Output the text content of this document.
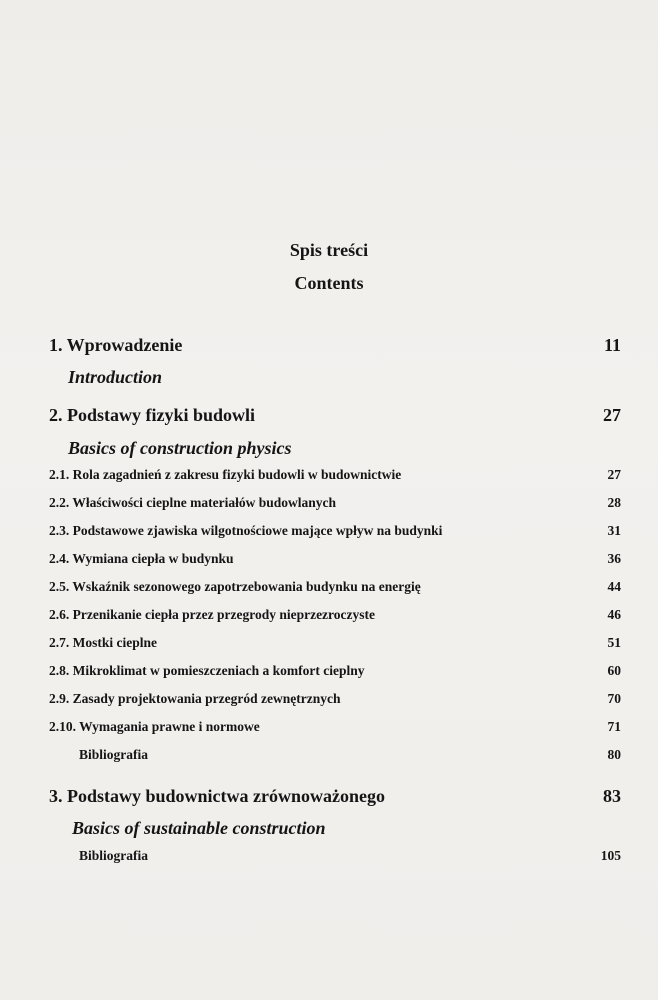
Spis treści
Contents
1. Wprowadzenie	11
Introduction
2. Podstawy fizyki budowli	27
Basics of construction physics
2.1. Rola zagadnień z zakresu fizyki budowli w budownictwie	27
2.2. Właściwości cieplne materiałów budowlanych	28
2.3. Podstawowe zjawiska wilgotnościowe mające wpływ na budynki	31
2.4. Wymiana ciepła w budynku	36
2.5. Wskaźnik sezonowego zapotrzebowania budynku na energię	44
2.6. Przenikanie ciepła przez przegrody nieprzezroczyste	46
2.7. Mostki cieplne	51
2.8. Mikroklimat w pomieszczeniach a komfort cieplny	60
2.9. Zasady projektowania przegród zewnętrznych	70
2.10. Wymagania prawne i normowe	71
Bibliografia	80
3. Podstawy budownictwa zrównoważonego	83
Basics of sustainable construction
Bibliografia	105
